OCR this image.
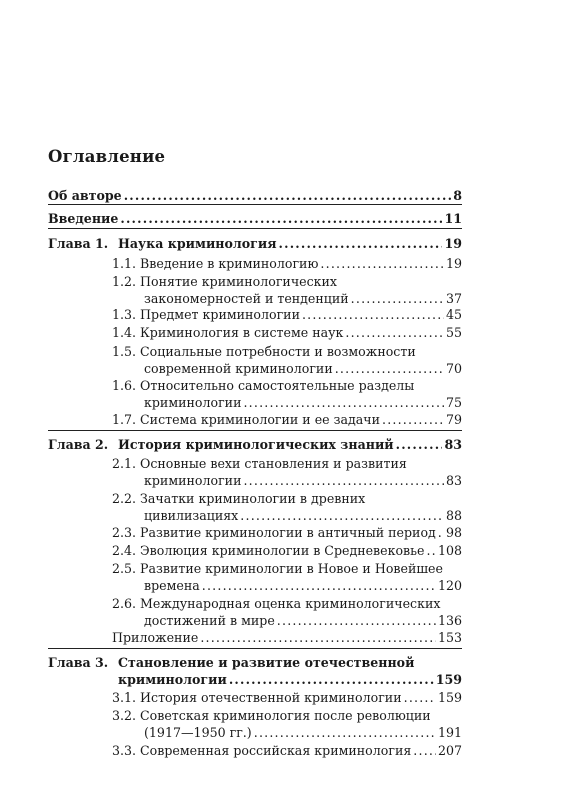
Оглавление
Об авторе .....	8
Введение .....	11
Глава 1. Наука криминология .....	19
1.1. Введение в криминологию .....	19
1.2. Понятие криминологических
закономерностей и тенденций .....	37
1.3. Предмет криминологии .....	45
1.4. Криминология в системе наук .....	55
1.5. Социальные потребности и возможности
современной криминологии .....	70
1.6. Относительно самостоятельные разделы
криминологии .....	75
1.7. Система криминологии и ее задачи .....	79
Глава 2. История криминологических знаний .....	83
2.1. Основные вехи становления и развития
криминологии .....	83
2.2. Зачатки криминологии в древних
цивилизациях .....	88
2.3. Развитие криминологии в античный период ..... 98
2.4. Эволюция криминологии в Средневековье ..... 108
2.5. Развитие криминологии в Новое и Новейшее
времена .....	120
2.6. Международная оценка криминологических
достижений в мире .....	136
Приложение .....	153
Глава 3. Становление и развитие отечественной
криминологии .....	159
3.1. История отечественной криминологии .....	159
3.2. Советская криминология после революции
(1917—1950 гг.) .....	191
3.3. Современная российская криминология ..... 207
